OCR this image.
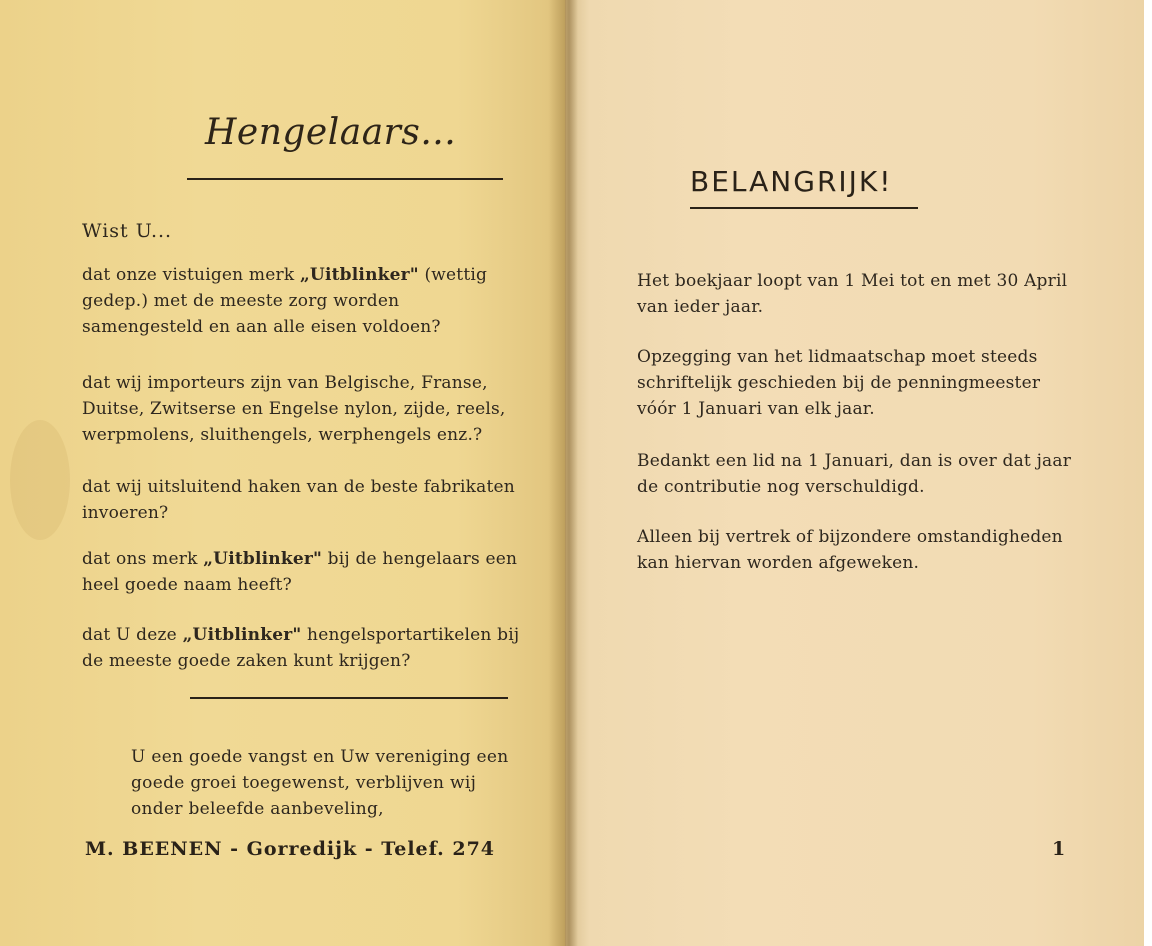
Hengelaars...
Wist U...
dat onze vistuigen merk „Uitblinker" (wettig gedep.) met de meeste zorg worden samengesteld en aan alle eisen voldoen?
dat wij importeurs zijn van Belgische, Franse, Duitse, Zwitserse en Engelse nylon, zijde, reels, werpmolens, sluithengels, werphengels enz.?
dat wij uitsluitend haken van de beste fabrikaten invoeren?
dat ons merk „Uitblinker" bij de hengelaars een heel goede naam heeft?
dat U deze „Uitblinker" hengelsportartikelen bij de meeste goede zaken kunt krijgen?
U een goede vangst en Uw vereniging een goede groei toegewenst, verblijven wij onder beleefde aanbeveling,
M. BEENEN - Gorredijk - Telef. 274
BELANGRIJK!
Het boekjaar loopt van 1 Mei tot en met 30 April van ieder jaar.
Opzegging van het lidmaatschap moet steeds schriftelijk geschieden bij de penningmeester vóór 1 Januari van elk jaar.
Bedankt een lid na 1 Januari, dan is over dat jaar de contributie nog verschuldigd.
Alleen bij vertrek of bijzondere omstandigheden kan hiervan worden afgeweken.
1
